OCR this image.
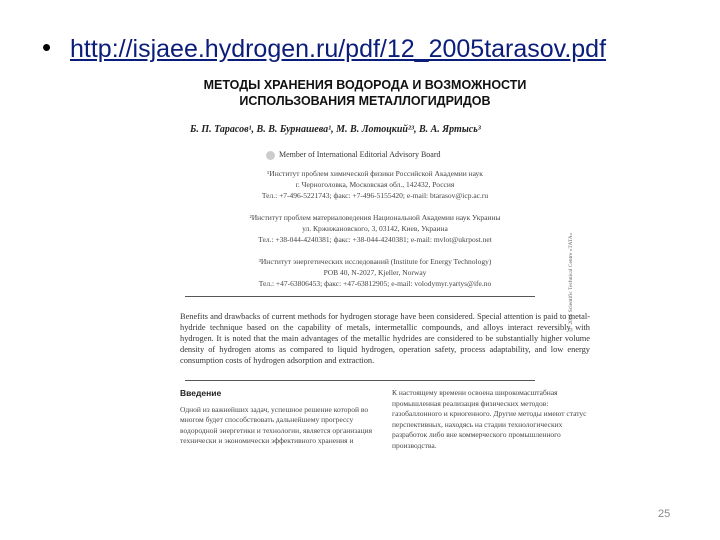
• http://isjaee.hydrogen.ru/pdf/12_2005tarasov.pdf
МЕТОДЫ ХРАНЕНИЯ ВОДОРОДА И ВОЗМОЖНОСТИ
ИСПОЛЬЗОВАНИЯ МЕТАЛЛОГИДРИДОВ
Б. П. Тарасов¹, В. В. Бурнашева¹, М. В. Лотоцкий²³, В. А. Яртысь³
Member of International Editorial Advisory Board
© 2005 Scientific Technical Centre «TATA»
¹Институт проблем химической физики Российской Академии наук
г. Черноголовка, Московская обл., 142432, Россия
Тел.: +7-496-5221743; факс: +7-496-5155420; e-mail: btarasov@icp.ac.ru
²Институт проблем материаловедения Национальной Академии наук Украины
ул. Кржижановского, 3, 03142, Киев, Украина
Тел.: +38-044-4240381; факс: +38-044-4240381; e-mail: mvlot@ukrpost.net
³Институт энергетических исследований (Institute for Energy Technology)
POB 40, N-2027, Kjeller, Norway
Тел.: +47-63806453; факс: +47-63812905; e-mail: volodymyr.yartys@ife.no
Benefits and drawbacks of current methods for hydrogen storage have been considered. Special attention is paid to metal-hydride technique based on the capability of metals, intermetallic compounds, and alloys interact reversibly with hydrogen. It is noted that the main advantages of the metallic hydrides are considered to be substantially higher volume density of hydrogen atoms as compared to liquid hydrogen, operation safety, process adaptability, and low energy consumption costs of hydrogen adsorption and extraction.
Введение
Одной из важнейших задач, успешное решение которой во многом будет способствовать дальнейшему прогрессу водородной энергетики и технологии, является организация технически и экономически эффективного хранения и
К настоящему времени освоена широкомасштабная промышленная реализация физических методов: газобаллонного и криогенного. Другие методы имеют статус перспективных, находясь на стадии технологических разработок либо вне коммерческого промышленного производства.
25
